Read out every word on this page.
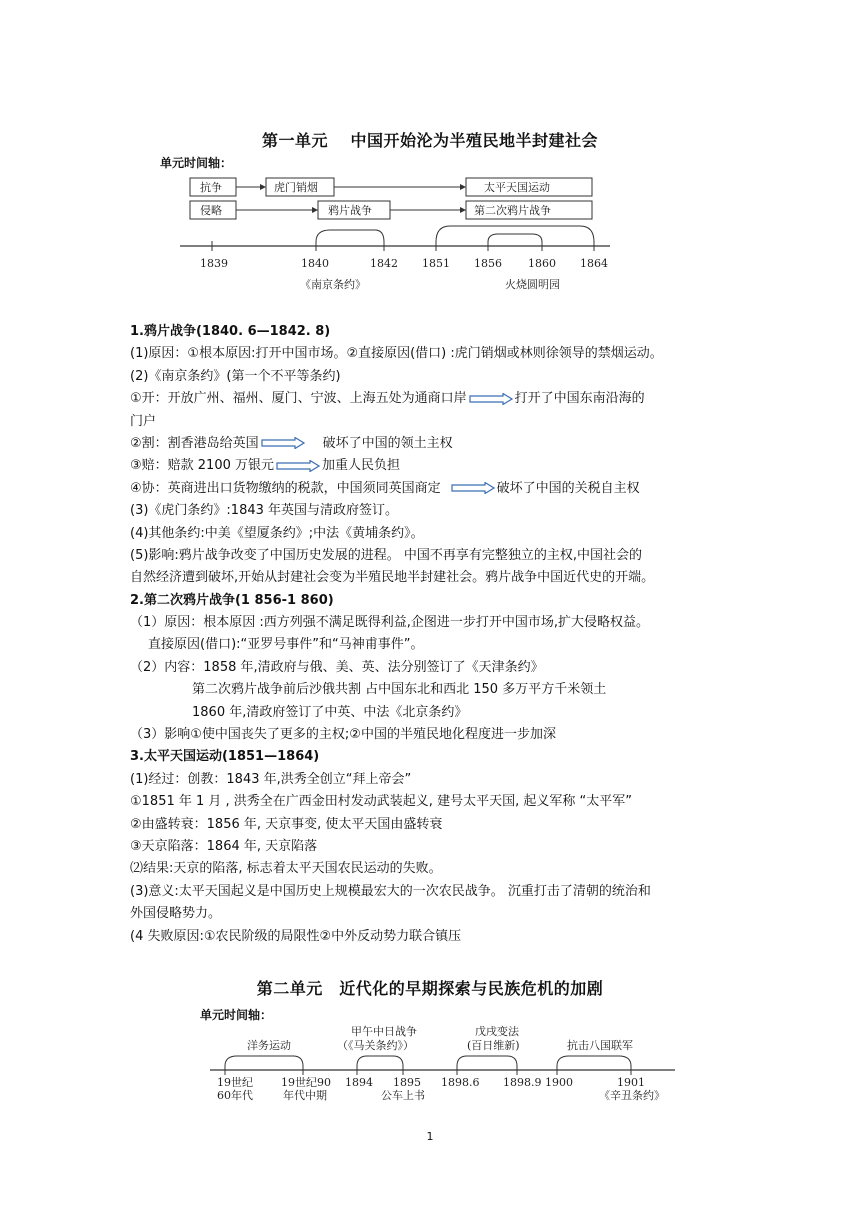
第一单元　 中国开始沦为半殖民地半封建社会
单元时间轴：
抗争	虎门销烟	太平天国运动
侵略	鸦片战争	第二次鸦片战争
1839	1840	1842 1851 1856 1860 1864
《南京条约》	火烧圆明园
1.鸦片战争(1840. 6—1842. 8)
(1)原因：①根本原因:打开中国市场。②直接原因(借口) :虎门销烟或林则徐领导的禁烟运动。
(2)《南京条约》(第一个不平等条约)
①开：开放广州、福州、厦门、宁波、上海五处为通商口岸	打开了中国东南沿海的
门户
②割：割香港岛给英国	破坏了中国的领土主权
③赔：赔款 2100 万银元	加重人民负担
④协：英商进出口货物缴纳的税款，中国须同英国商定	破坏了中国的关税自主权
(3)《虎门条约》:1843 年英国与清政府签订。
(4)其他条约:中美《望厦条约》;中法《黄埔条约》。
(5)影响:鸦片战争改变了中国历史发展的进程。 中国不再享有完整独立的主权,中国社会的
自然经济遭到破坏,开始从封建社会变为半殖民地半封建社会。鸦片战争中国近代史的开端。
2.第二次鸦片战争(1 856-1 860)
（1）原因：根本原因 :西方列强不满足既得利益,企图进一步打开中国市场,扩大侵略权益。
直接原因(借口):“亚罗号事件”和“马神甫事件”。
（2）内容：1858 年,清政府与俄、美、英、法分别签订了《天津条约》
第二次鸦片战争前后沙俄共割 占中国东北和西北 150 多万平方千米领土
1860 年,清政府签订了中英、中法《北京条约》
（3）影响①使中国丧失了更多的主权;②中国的半殖民地化程度进一步加深
3.太平天国运动(1851—1864)
(1)经过：创教：1843 年,洪秀全创立“拜上帝会”
①1851 年 1 月 , 洪秀全在广西金田村发动武装起义, 建号太平天国, 起义军称 “太平军”
②由盛转衰：1856 年, 天京事变, 使太平天国由盛转衰
③天京陷落：1864 年, 天京陷落
⑵结果:天京的陷落, 标志着太平天国农民运动的失败。
(3)意义:太平天国起义是中国历史上规模最宏大的一次农民战争。 沉重打击了清朝的统治和
外国侵略势力。
(4 失败原因:①农民阶级的局限性②中外反动势力联合镇压
第二单元　近代化的早期探索与民族危机的加剧
单元时间轴：
洋务运动
甲午中日战争
（《马关条约》）
戊戌变法
(百日维新)	抗击八国联军
19世纪
60年代
19世纪90
年代中期
1894 1895
公车上书
1898.6 1898.9 1900	1901
《辛丑条约》
1
